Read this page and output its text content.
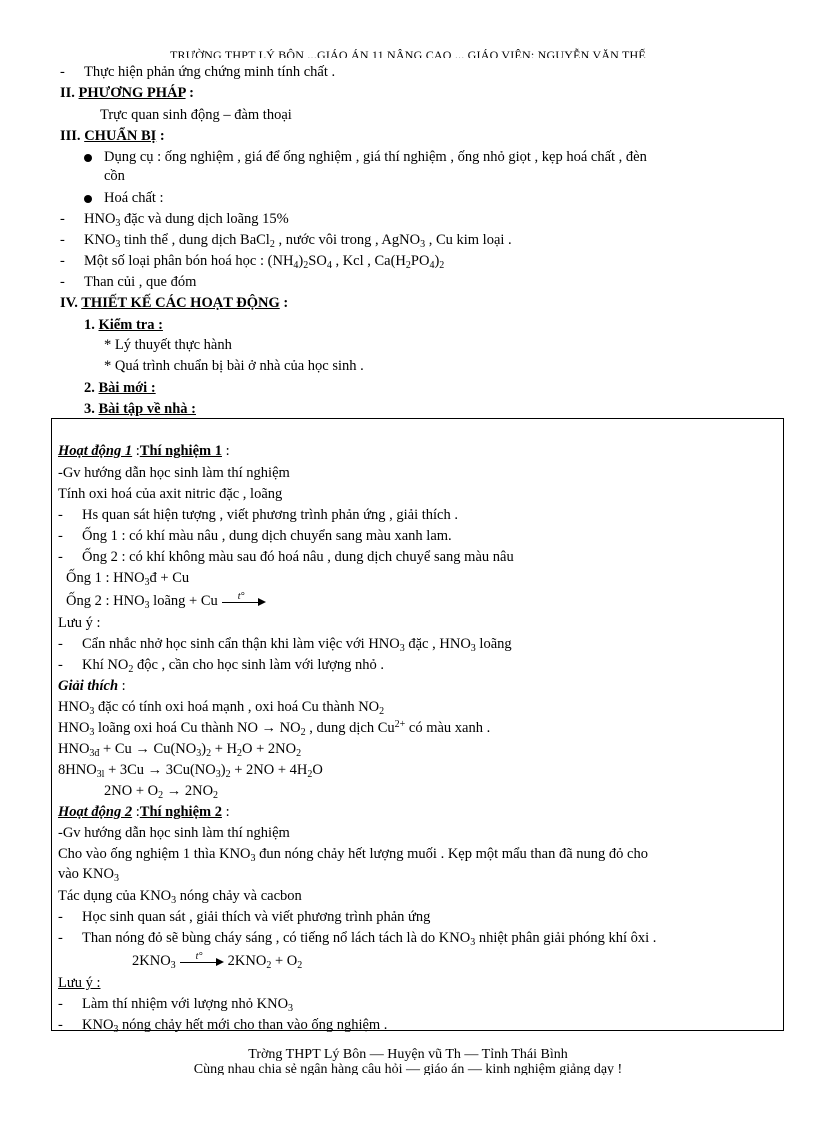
TRƯỜNG THPT LÝ BÔN ...GIÁO ÁN 11 NÂNG CAO ... GIÁO VIÊN: NGUYỄN VĂN THẾ
- Thực hiện phản ứng chứng minh tính chất .
II. PHƯƠNG PHÁP :
Trực quan sinh động – đàm thoại
III. CHUẨN BỊ :
Dụng cụ : ống nghiệm , giá để ống nghiệm , giá thí nghiệm , ống nhỏ giọt , kẹp hoá chất , đèn
cồn
Hoá chất :
- $HNO_3$ đặc và dung dịch loãng 15%
- $KNO_3$ tinh thể , dung dịch BaCl$_2$ , nước vôi trong , AgNO$_3$ , Cu kim loại .
- Một số loại phân bón hoá học : $(NH_4)_2SO_4$ , Kcl , $Ca(H_2PO_4)_2$
- Than củi , que đóm
IV. THIẾT KẾ CÁC HOẠT ĐỘNG :
1. Kiểm tra :
* Lý thuyết thực hành
* Quá trình chuẩn bị bài ở nhà của học sinh .
2. Bài mới :
3. Bài tập về nhà :
Hoạt động 1 :Thí nghiệm 1 :
-Gv hướng dẫn học sinh làm thí nghiệm
Tính oxi hoá của axit nitric đặc , loãng
- Hs quan sát hiện tượng , viết phương trình phản ứng , giải thích .
- Ống 1 : có khí màu nâu , dung dịch chuyển sang màu xanh lam.
- Ống 2 : có khí không màu sau đó hoá nâu , dung dịch chuyể sang màu nâu
Ống 1 : $HNO_3đ + Cu$
Ống 2 : $HNO_3$ loãng + Cu t°
Lưu ý :
- Cẩn nhắc nhở học sinh cẩn thận khi làm việc với $HNO_3$ đặc , $HNO_3$ loãng
- Khí $NO_2$ độc , cần cho học sinh làm với lượng nhỏ .
Giải thích :
$HNO_3$ đặc có tính oxi hoá mạnh , oxi hoá Cu thành $NO_2$
$HNO_3$ loãng oxi hoá Cu thành NO → $NO_2$ , dung dịch $Cu^{2+}$ có màu xanh .
$HNO_{3đ} + Cu \to Cu(NO_3)_2 + H_2O + 2NO_2$
$8HNO_{3l} + 3Cu \to 3Cu(NO_3)_2 + 2NO + 4H_2O$
$2NO + O_2 \to 2NO_2$
Hoạt động 2 :Thí nghiệm 2 :
-Gv hướng dẫn học sinh làm thí nghiệm
Cho vào ống nghiệm 1 thìa $KNO_3$ đun nóng chảy hết lượng muối . Kẹp một mẩu than đã nung đỏ cho
vào $KNO_3$
Tác dụng của $KNO_3$ nóng chảy và cacbon
- Học sinh quan sát , giải thích và viết phương trình phản ứng
- Than nóng đỏ sẽ bùng cháy sáng , có tiếng nổ lách tách là do $KNO_3$ nhiệt phân giải phóng khí ôxi .
$2KNO_3$
t° $2KNO_2 + O_2$
Lưu ý :
- Làm thí nhiệm với lượng nhỏ $KNO_3$
- $KNO_3$ nóng chảy hết mới cho than vào ống nghiệm .
Trờng THPT Lý Bôn — Huyện vũ Th — Tỉnh Thái Bình
Cùng nhau chia sẻ ngân hàng câu hỏi — giáo án — kinh nghiệm giảng dạy !
